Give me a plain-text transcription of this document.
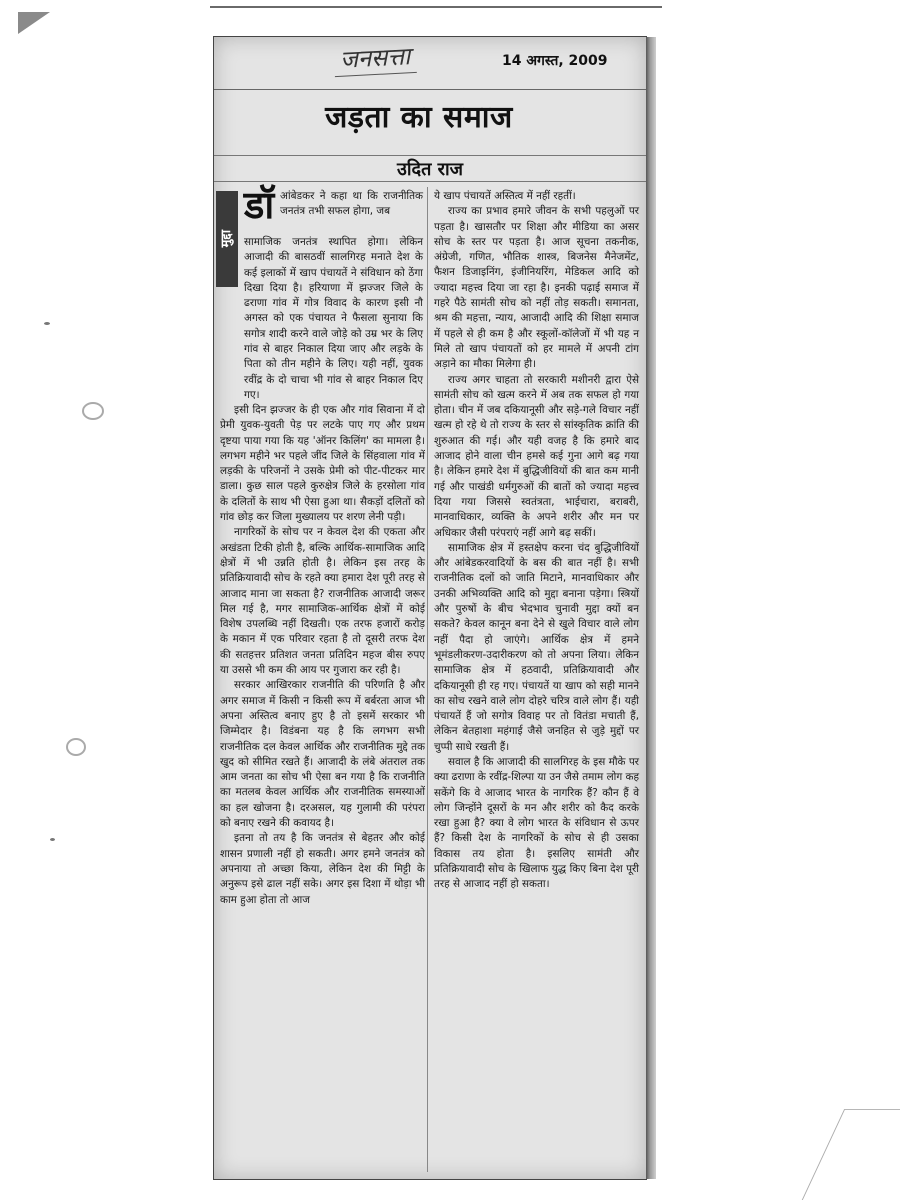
जनसत्ता	14 अगस्त, 2009
जड़ता का समाज
उदित राज
मुद्दा
डॉ आंबेडकर ने कहा था कि राजनीतिक जनतंत्र तभी सफल होगा, जब
सामाजिक जनतंत्र स्थापित होगा। लेकिन आजादी की बासठवीं सालगिरह मनाते देश के कई इलाकों में खाप पंचायतें ने संविधान को ठेंगा दिखा दिया है। हरियाणा में झज्जर जिले के ढराणा गांव में गोत्र विवाद के कारण इसी नौ अगस्त को एक पंचायत ने फैसला सुनाया कि सगोत्र शादी करने वाले जोड़े को उम्र भर के लिए गांव से बाहर निकाल दिया जाए और लड़के के पिता को तीन महीने के लिए। यही नहीं, युवक रवींद्र के दो चाचा भी गांव से बाहर निकाल दिए गए।

इसी दिन झज्जर के ही एक और गांव सिवाना में दो प्रेमी युवक-युवती पेड़ पर लटके पाए गए और प्रथम दृष्टया पाया गया कि यह 'ऑनर किलिंग' का मामला है। लगभग महीने भर पहले जींद जिले के सिंहवाला गांव में लड़की के परिजनों ने उसके प्रेमी को पीट-पीटकर मार डाला। कुछ साल पहले कुरुक्षेत्र जिले के हरसोला गांव के दलितों के साथ भी ऐसा हुआ था। सैकड़ों दलितों को गांव छोड़ कर जिला मुख्यालय पर शरण लेनी पड़ी।

नागरिकों के सोच पर न केवल देश की एकता और अखंडता टिकी होती है, बल्कि आर्थिक-सामाजिक आदि क्षेत्रों में भी उन्नति होती है। लेकिन इस तरह के प्रतिक्रियावादी सोच के रहते क्या हमारा देश पूरी तरह से आजाद माना जा सकता है? राजनीतिक आजादी जरूर मिल गई है, मगर सामाजिक-आर्थिक क्षेत्रों में कोई विशेष उपलब्धि नहीं दिखती। एक तरफ हजारों करोड़ के मकान में एक परिवार रहता है तो दूसरी तरफ देश की सतहत्तर प्रतिशत जनता प्रतिदिन महज बीस रुपए या उससे भी कम की आय पर गुजारा कर रही है।

सरकार आखिरकार राजनीति की परिणति है और अगर समाज में किसी न किसी रूप में बर्बरता आज भी अपना अस्तित्व बनाए हुए है तो इसमें सरकार भी जिम्मेदार है। विडंबना यह है कि लगभग सभी राजनीतिक दल केवल आर्थिक और राजनीतिक मुद्दे तक खुद को सीमित रखते हैं। आजादी के लंबे अंतराल तक आम जनता का सोच भी ऐसा बन गया है कि राजनीति का मतलब केवल आर्थिक और राजनीतिक समस्याओं का हल खोजना है। दरअसल, यह गुलामी की परंपरा को बनाए रखने की कवायद है।

इतना तो तय है कि जनतंत्र से बेहतर और कोई शासन प्रणाली नहीं हो सकती। अगर हमने जनतंत्र को अपनाया तो अच्छा किया, लेकिन देश की मिट्टी के अनुरूप इसे ढाल नहीं सके। अगर इस दिशा में थोड़ा भी काम हुआ होता तो आज

ये खाप पंचायतें अस्तित्व में नहीं रहतीं।

राज्य का प्रभाव हमारे जीवन के सभी पहलुओं पर पड़ता है। खासतौर पर शिक्षा और मीडिया का असर सोच के स्तर पर पड़ता है। आज सूचना तकनीक, अंग्रेजी, गणित, भौतिक शास्त्र, बिजनेस मैनेजमेंट, फैशन डिजाइनिंग, इंजीनियरिंग, मेडिकल आदि को ज्यादा महत्त्व दिया जा रहा है। इनकी पढ़ाई समाज में गहरे पैठे सामंती सोच को नहीं तोड़ सकती। समानता, श्रम की महत्ता, न्याय, आजादी आदि की शिक्षा समाज में पहले से ही कम है और स्कूलों-कॉलेजों में भी यह न मिले तो खाप पंचायतों को हर मामले में अपनी टांग अड़ाने का मौका मिलेगा ही।

राज्य अगर चाहता तो सरकारी मशीनरी द्वारा ऐसे सामंती सोच को खत्म करने में अब तक सफल हो गया होता। चीन में जब दकियानूसी और सड़े-गले विचार नहीं खत्म हो रहे थे तो राज्य के स्तर से सांस्कृतिक क्रांति की शुरुआत की गई। और यही वजह है कि हमारे बाद आजाद होने वाला चीन हमसे कई गुना आगे बढ़ गया है। लेकिन हमारे देश में बुद्धिजीवियों की बात कम मानी गई और पाखंडी धर्मगुरुओं की बातों को ज्यादा महत्त्व दिया गया जिससे स्वतंत्रता, भाईचारा, बराबरी, मानवाधिकार, व्यक्ति के अपने शरीर और मन पर अधिकार जैसी परंपराएं नहीं आगे बढ़ सकीं।

सामाजिक क्षेत्र में हस्तक्षेप करना चंद बुद्धिजीवियों और आंबेडकरवादियों के बस की बात नहीं है। सभी राजनीतिक दलों को जाति मिटाने, मानवाधिकार और उनकी अभिव्यक्ति आदि को मुद्दा बनाना पड़ेगा। स्त्रियों और पुरुषों के बीच भेदभाव चुनावी मुद्दा क्यों बन सकते? केवल कानून बना देने से खुले विचार वाले लोग नहीं पैदा हो जाएंगे। आर्थिक क्षेत्र में हमने भूमंडलीकरण-उदारीकरण को तो अपना लिया। लेकिन सामाजिक क्षेत्र में हठवादी, प्रतिक्रियावादी और दकियानूसी ही रह गए। पंचायतें या खाप को सही मानने का सोच रखने वाले लोग दोहरे चरित्र वाले लोग हैं। यही पंचायतें हैं जो सगोत्र विवाह पर तो वितंडा मचाती हैं, लेकिन बेतहाशा महंगाई जैसे जनहित से जुड़े मुद्दों पर चुप्पी साधे रखती हैं।

सवाल है कि आजादी की सालगिरह के इस मौके पर क्या ढराणा के रवींद्र-शिल्पा या उन जैसे तमाम लोग कह सकेंगे कि वे आजाद भारत के नागरिक हैं? कौन हैं वे लोग जिन्होंने दूसरों के मन और शरीर को कैद करके रखा हुआ है? क्या वे लोग भारत के संविधान से ऊपर हैं? किसी देश के नागरिकों के सोच से ही उसका विकास तय होता है। इसलिए सामंती और प्रतिक्रियावादी सोच के खिलाफ युद्ध किए बिना देश पूरी तरह से आजाद नहीं हो सकता।
